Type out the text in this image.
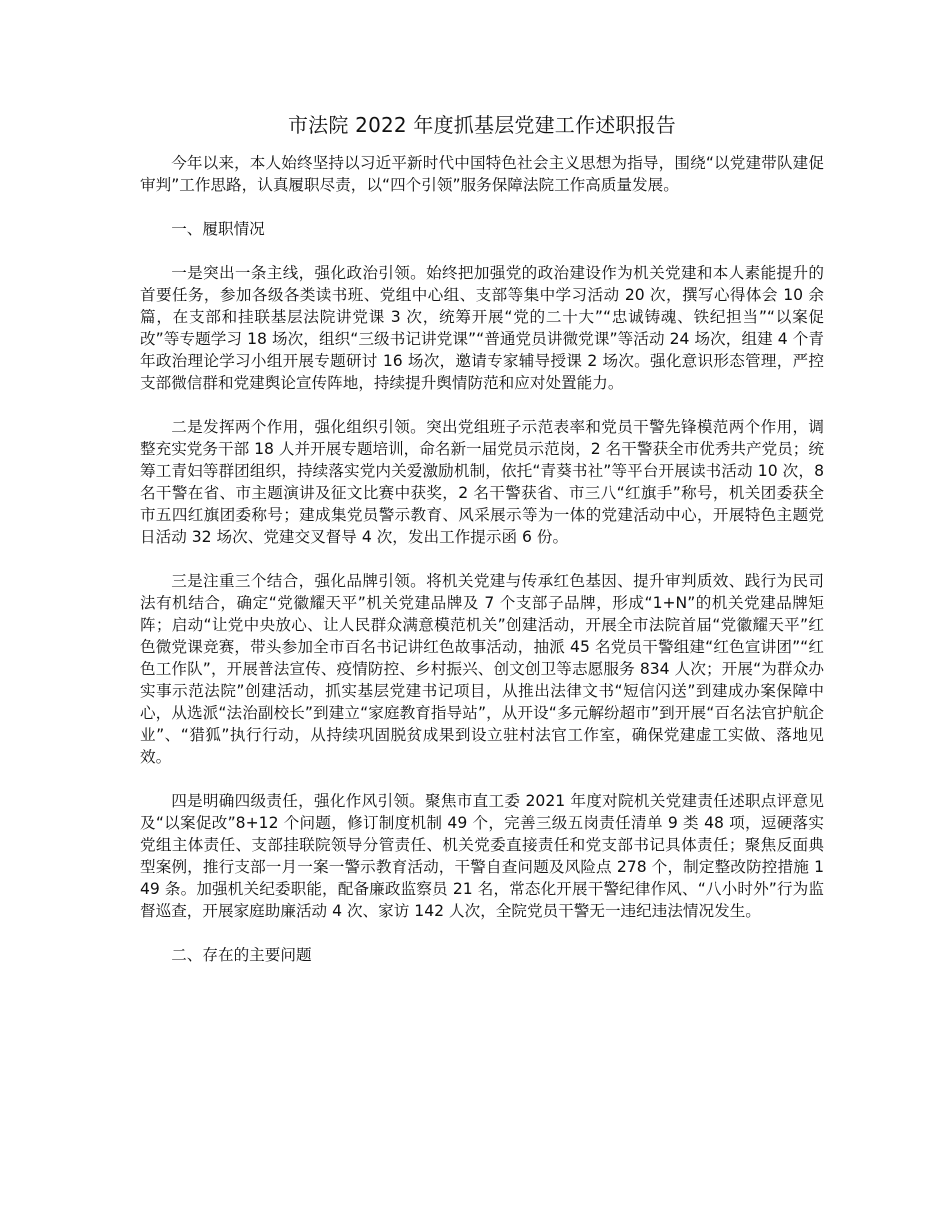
市法院 2022 年度抓基层党建工作述职报告

今年以来，本人始终坚持以习近平新时代中国特色社会主义思想为指导，围绕“以党建带队建促审判”工作思路，认真履职尽责，以“四个引领”服务保障法院工作高质量发展。

一、履职情况

一是突出一条主线，强化政治引领。始终把加强党的政治建设作为机关党建和本人素能提升的首要任务，参加各级各类读书班、党组中心组、支部等集中学习活动 20 次，撰写心得体会 10 余篇，在支部和挂联基层法院讲党课 3 次，统筹开展“党的二十大”“忠诚铸魂、铁纪担当”“以案促改”等专题学习 18 场次，组织“三级书记讲党课”“普通党员讲微党课”等活动 24 场次，组建 4 个青年政治理论学习小组开展专题研讨 16 场次，邀请专家辅导授课 2 场次。强化意识形态管理，严控支部微信群和党建舆论宣传阵地，持续提升舆情防范和应对处置能力。

二是发挥两个作用，强化组织引领。突出党组班子示范表率和党员干警先锋模范两个作用，调整充实党务干部 18 人并开展专题培训，命名新一届党员示范岗，2 名干警获全市优秀共产党员；统筹工青妇等群团组织，持续落实党内关爱激励机制，依托“青葵书社”等平台开展读书活动 10 次，8 名干警在省、市主题演讲及征文比赛中获奖，2 名干警获省、市三八“红旗手”称号，机关团委获全市五四红旗团委称号；建成集党员警示教育、风采展示等为一体的党建活动中心，开展特色主题党日活动 32 场次、党建交叉督导 4 次，发出工作提示函 6 份。

三是注重三个结合，强化品牌引领。将机关党建与传承红色基因、提升审判质效、践行为民司法有机结合，确定“党徽耀天平”机关党建品牌及 7 个支部子品牌，形成“1+N”的机关党建品牌矩阵；启动“让党中央放心、让人民群众满意模范机关”创建活动，开展全市法院首届“党徽耀天平”红色微党课竞赛，带头参加全市百名书记讲红色故事活动，抽派 45 名党员干警组建“红色宣讲团”“红色工作队”，开展普法宣传、疫情防控、乡村振兴、创文创卫等志愿服务 834 人次；开展“为群众办实事示范法院”创建活动，抓实基层党建书记项目，从推出法律文书“短信闪送”到建成办案保障中心，从选派“法治副校长”到建立“家庭教育指导站”，从开设“多元解纷超市”到开展“百名法官护航企业”、“猎狐”执行行动，从持续巩固脱贫成果到设立驻村法官工作室，确保党建虚工实做、落地见效。

四是明确四级责任，强化作风引领。聚焦市直工委 2021 年度对院机关党建责任述职点评意见及“以案促改”8+12 个问题，修订制度机制 49 个，完善三级五岗责任清单 9 类 48 项，逗硬落实党组主体责任、支部挂联院领导分管责任、机关党委直接责任和党支部书记具体责任；聚焦反面典型案例，推行支部一月一案一警示教育活动，干警自查问题及风险点 278 个，制定整改防控措施 149 条。加强机关纪委职能，配备廉政监察员 21 名，常态化开展干警纪律作风、“八小时外”行为监督巡查，开展家庭助廉活动 4 次、家访 142 人次，全院党员干警无一违纪违法情况发生。

二、存在的主要问题
